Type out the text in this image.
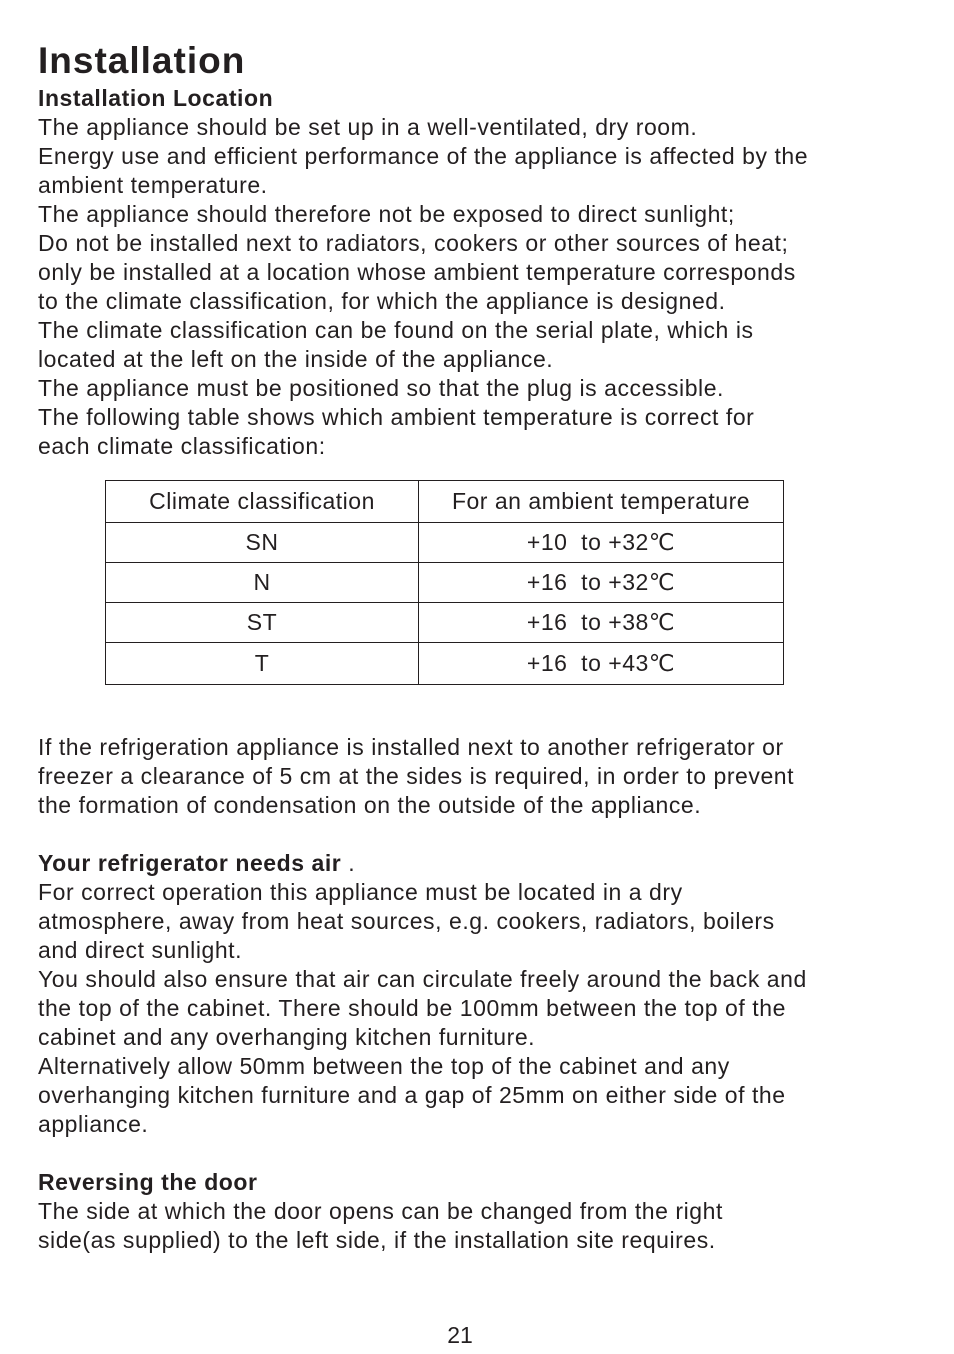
Installation

Installation Location

The appliance should be set up in a well-ventilated, dry room.

Energy use and efficient performance of the appliance is affected by the

ambient temperature.

The appliance should therefore not be exposed to direct sunlight;

Do not be installed next to radiators, cookers or other sources of heat;

only be installed at a location whose ambient temperature corresponds

to the climate classification, for which the appliance is designed.

The climate classification can be found on the serial plate, which is

located at the left on the inside of the appliance.

The appliance must be positioned so that the plug is accessible.

The following table shows which ambient temperature is correct for

each climate classification:

Climate classification	For an ambient temperature
SN	+10  to +32℃
N	+16  to +32℃
ST	+16  to +38℃
T	+16  to +43℃

If the refrigeration appliance is installed next to another refrigerator or

freezer a clearance of 5 cm at the sides is required, in order to prevent

the formation of condensation on the outside of the appliance.

Your refrigerator needs air .

For correct operation this appliance must be located in a dry

atmosphere, away from heat sources, e.g. cookers, radiators, boilers

and direct sunlight.

You should also ensure that air can circulate freely around the back and

the top of the cabinet. There should be 100mm between the top of the

cabinet and any overhanging kitchen furniture.

Alternatively allow 50mm between the top of the cabinet and any

overhanging kitchen furniture and a gap of 25mm on either side of the

appliance.

Reversing the door

The side at which the door opens can be changed from the right

side(as supplied) to the left side, if the installation site requires.

21
